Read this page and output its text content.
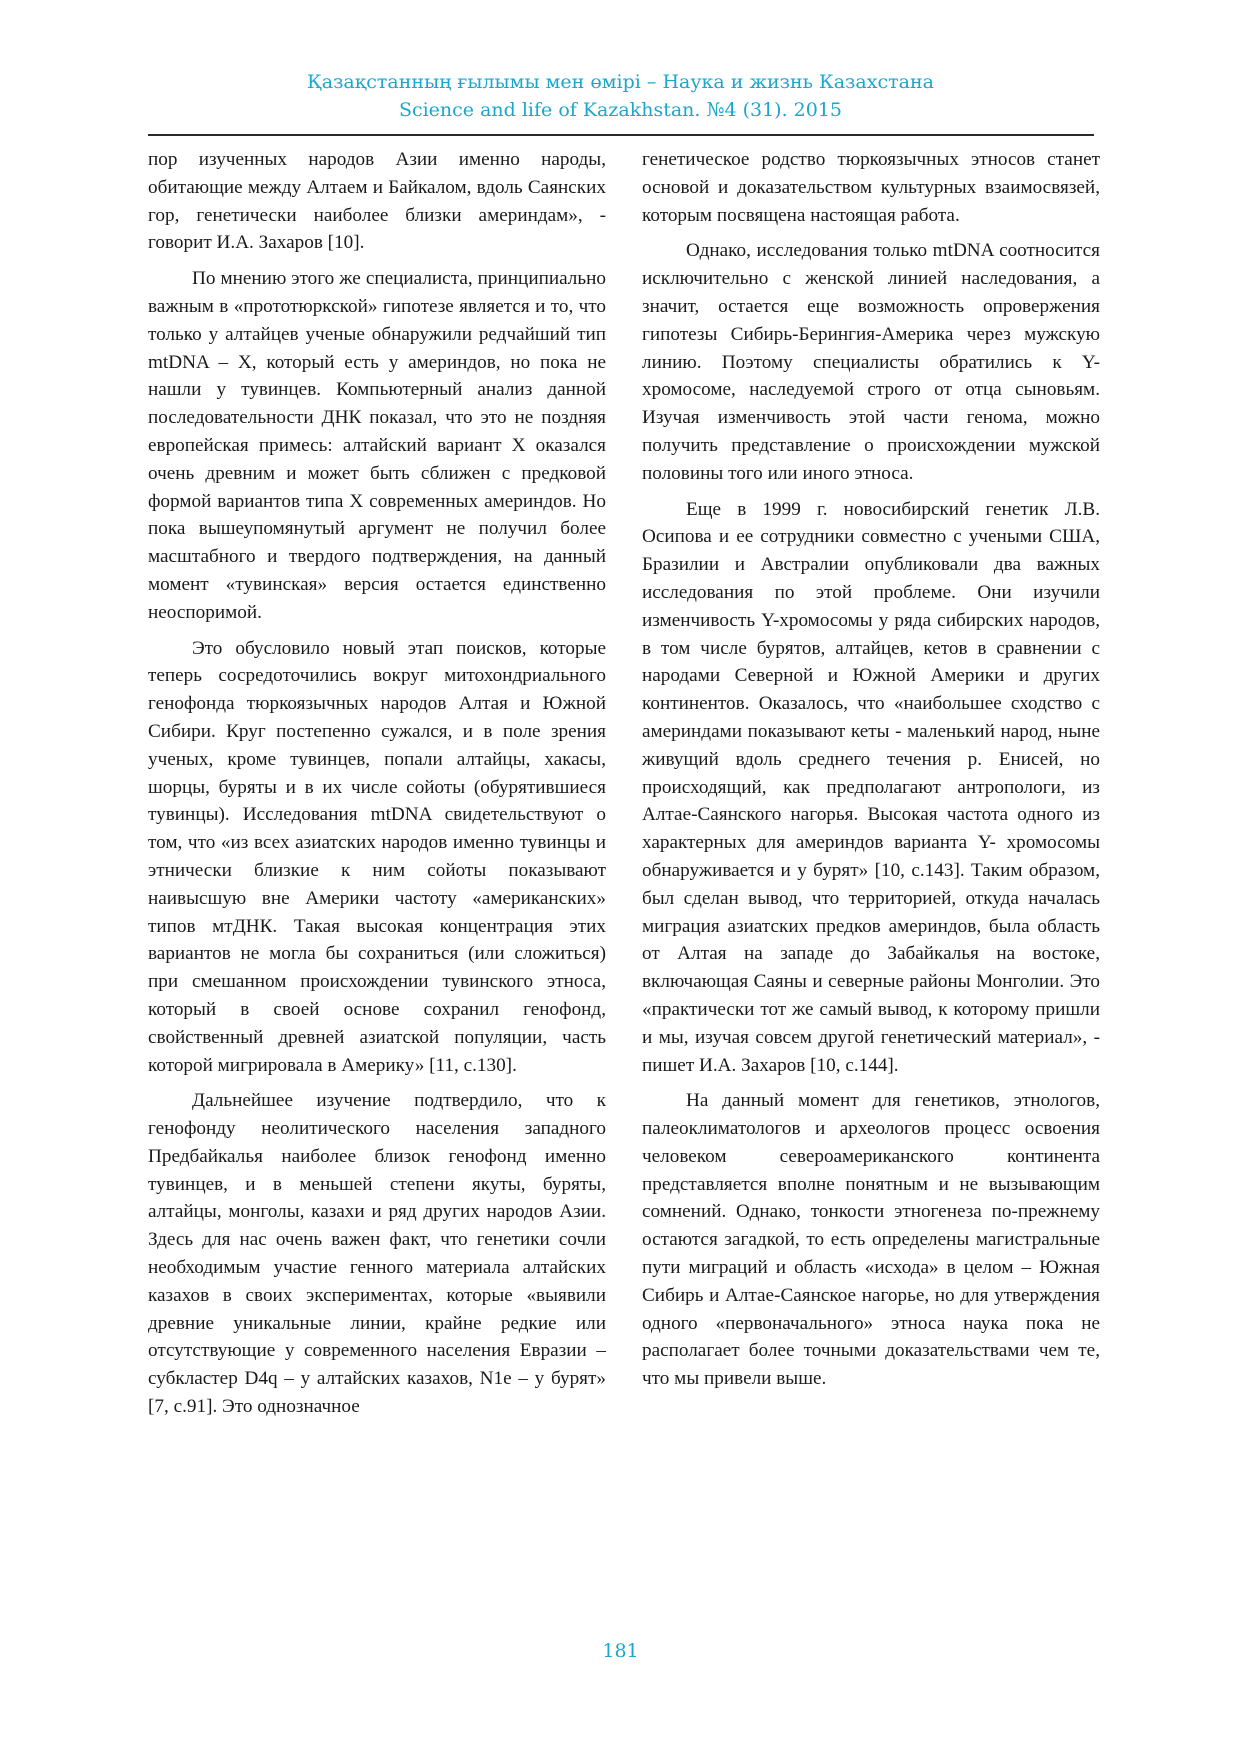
Қазақстанның ғылымы мен өмірі – Наука и жизнь Казахстана
Science and life of Kazakhstan. №4 (31). 2015

пор изученных народов Азии именно народы, обитающие между Алтаем и Байкалом, вдоль Саянских гор, генетически наиболее близки америндам», - говорит И.А. Захаров [10].

По мнению этого же специалиста, принципиально важным в «прототюркской» гипотезе является и то, что только у алтайцев ученые обнаружили редчайший тип mtDNA – X, который есть у америндов, но пока не нашли у тувинцев. Компьютерный анализ данной последовательности ДНК показал, что это не поздняя европейская примесь: алтайский вариант X оказался очень древним и может быть сближен с предковой формой вариантов типа X современных америндов. Но пока вышеупомянутый аргумент не получил более масштабного и твердого подтверждения, на данный момент «тувинская» версия остается единственно неоспоримой.

Это обусловило новый этап поисков, которые теперь сосредоточились вокруг митохондриального генофонда тюркоязычных народов Алтая и Южной Сибири. Круг постепенно сужался, и в поле зрения ученых, кроме тувинцев, попали алтайцы, хакасы, шорцы, буряты и в их числе сойоты (обурятившиеся тувинцы). Исследования mtDNA свидетельствуют о том, что «из всех азиатских народов именно тувинцы и этнически близкие к ним сойоты показывают наивысшую вне Америки частоту «американских» типов мтДНК. Такая высокая концентрация этих вариантов не могла бы сохраниться (или сложиться) при смешанном происхождении тувинского этноса, который в своей основе сохранил генофонд, свойственный древней азиатской популяции, часть которой мигрировала в Америку» [11, с.130].

Дальнейшее изучение подтвердило, что к генофонду неолитического населения западного Предбайкалья наиболее близок генофонд именно тувинцев, и в меньшей степени якуты, буряты, алтайцы, монголы, казахи и ряд других народов Азии. Здесь для нас очень важен факт, что генетики сочли необходимым участие генного материала алтайских казахов в своих экспериментах, которые «выявили древние уникальные линии, крайне редкие или отсутствующие у современного населения Евразии – субкластер D4q – у алтайских казахов, N1e – у бурят» [7, с.91]. Это однозначное

генетическое родство тюркоязычных этносов станет основой и доказательством культурных взаимосвязей, которым посвящена настоящая работа.

Однако, исследования только mtDNA соотносится исключительно с женской линией наследования, а значит, остается еще возможность опровержения гипотезы Сибирь-Берингия-Америка через мужскую линию. Поэтому специалисты обратились к Y-хромосоме, наследуемой строго от отца сыновьям. Изучая изменчивость этой части генома, можно получить представление о происхождении мужской половины того или иного этноса.

Еще в 1999 г. новосибирский генетик Л.В. Осипова и ее сотрудники совместно с учеными США, Бразилии и Австралии опубликовали два важных исследования по этой проблеме. Они изучили изменчивость Y-хромосомы у ряда сибирских народов, в том числе бурятов, алтайцев, кетов в сравнении с народами Северной и Южной Америки и других континентов. Оказалось, что «наибольшее сходство с америндами показывают кеты - маленький народ, ныне живущий вдоль среднего течения р. Енисей, но происходящий, как предполагают антропологи, из Алтае-Саянского нагорья. Высокая частота одного из характерных для америндов варианта Y- хромосомы обнаруживается и у бурят» [10, с.143]. Таким образом, был сделан вывод, что территорией, откуда началась миграция азиатских предков америндов, была область от Алтая на западе до Забайкалья на востоке, включающая Саяны и северные районы Монголии. Это «практически тот же самый вывод, к которому пришли и мы, изучая совсем другой генетический материал», - пишет И.А. Захаров [10, с.144].

На данный момент для генетиков, этнологов, палеоклиматологов и археологов процесс освоения человеком североамериканского континента представляется вполне понятным и не вызывающим сомнений. Однако, тонкости этногенеза по-прежнему остаются загадкой, то есть определены магистральные пути миграций и область «исхода» в целом – Южная Сибирь и Алтае-Саянское нагорье, но для утверждения одного «первоначального» этноса наука пока не располагает более точными доказательствами чем те, что мы привели выше.

181
